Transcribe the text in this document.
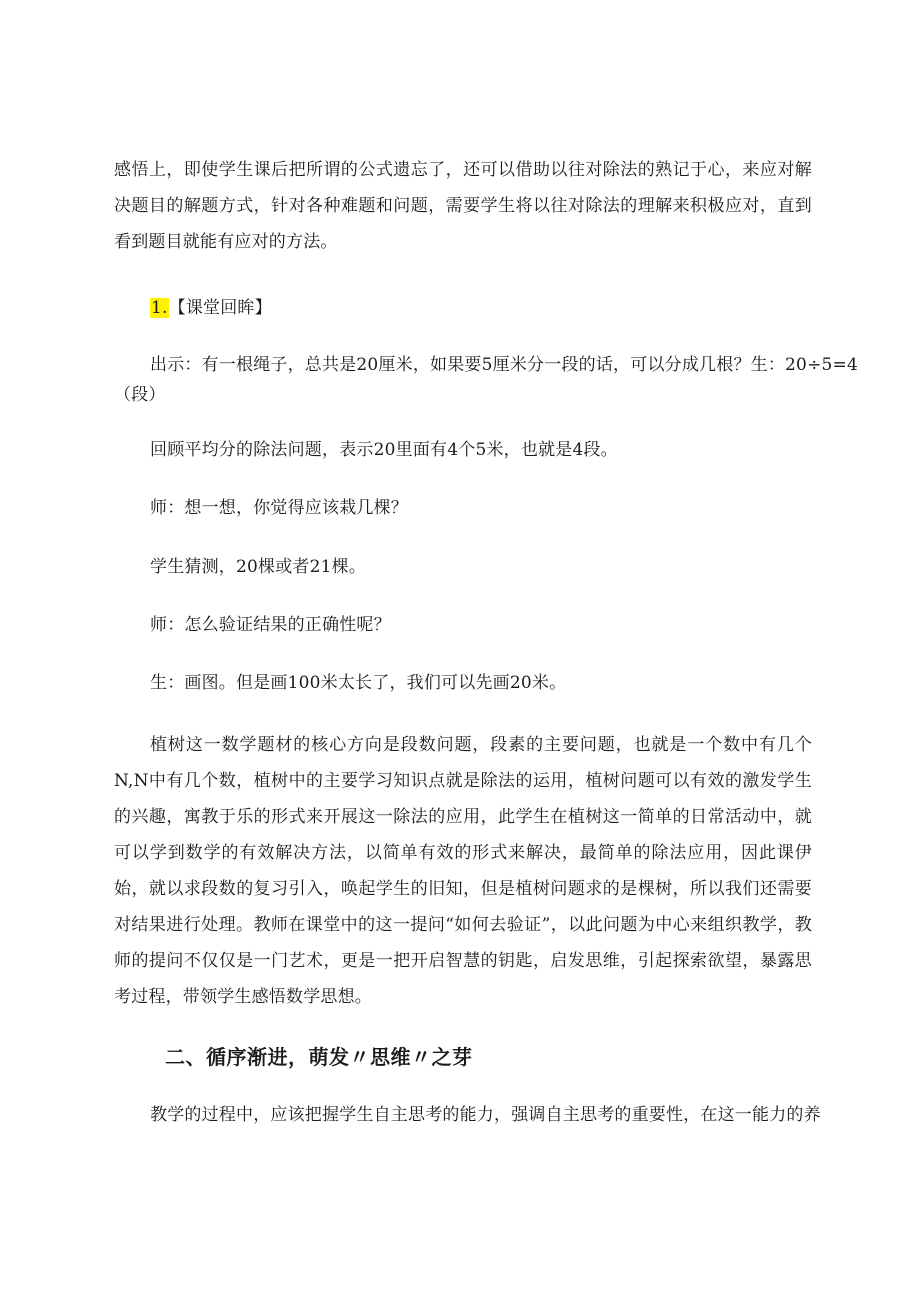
感悟上，即使学生课后把所谓的公式遗忘了，还可以借助以往对除法的熟记于心，来应对解决题目的解题方式，针对各种难题和问题，需要学生将以往对除法的理解来积极应对，直到看到题目就能有应对的方法。

1.【课堂回眸】

出示：有一根绳子，总共是20厘米，如果要5厘米分一段的话，可以分成几根？生：20÷5=4

（段）

回顾平均分的除法问题，表示20里面有4个5米，也就是4段。

师：想一想，你觉得应该栽几棵？

学生猜测，20棵或者21棵。

师：怎么验证结果的正确性呢？

生：画图。但是画100米太长了，我们可以先画20米。

植树这一数学题材的核心方向是段数问题，段素的主要问题，也就是一个数中有几个N,N中有几个数，植树中的主要学习知识点就是除法的运用，植树问题可以有效的激发学生的兴趣，寓教于乐的形式来开展这一除法的应用，此学生在植树这一简单的日常活动中，就可以学到数学的有效解决方法，以简单有效的形式来解决，最简单的除法应用，因此课伊始，就以求段数的复习引入，唤起学生的旧知，但是植树问题求的是棵树，所以我们还需要对结果进行处理。教师在课堂中的这一提问“如何去验证”，以此问题为中心来组织教学，教师的提问不仅仅是一门艺术，更是一把开启智慧的钥匙，启发思维，引起探索欲望，暴露思考过程，带领学生感悟数学思想。

二、循序渐进，萌发〃思维〃之芽

教学的过程中，应该把握学生自主思考的能力，强调自主思考的重要性，在这一能力的养
